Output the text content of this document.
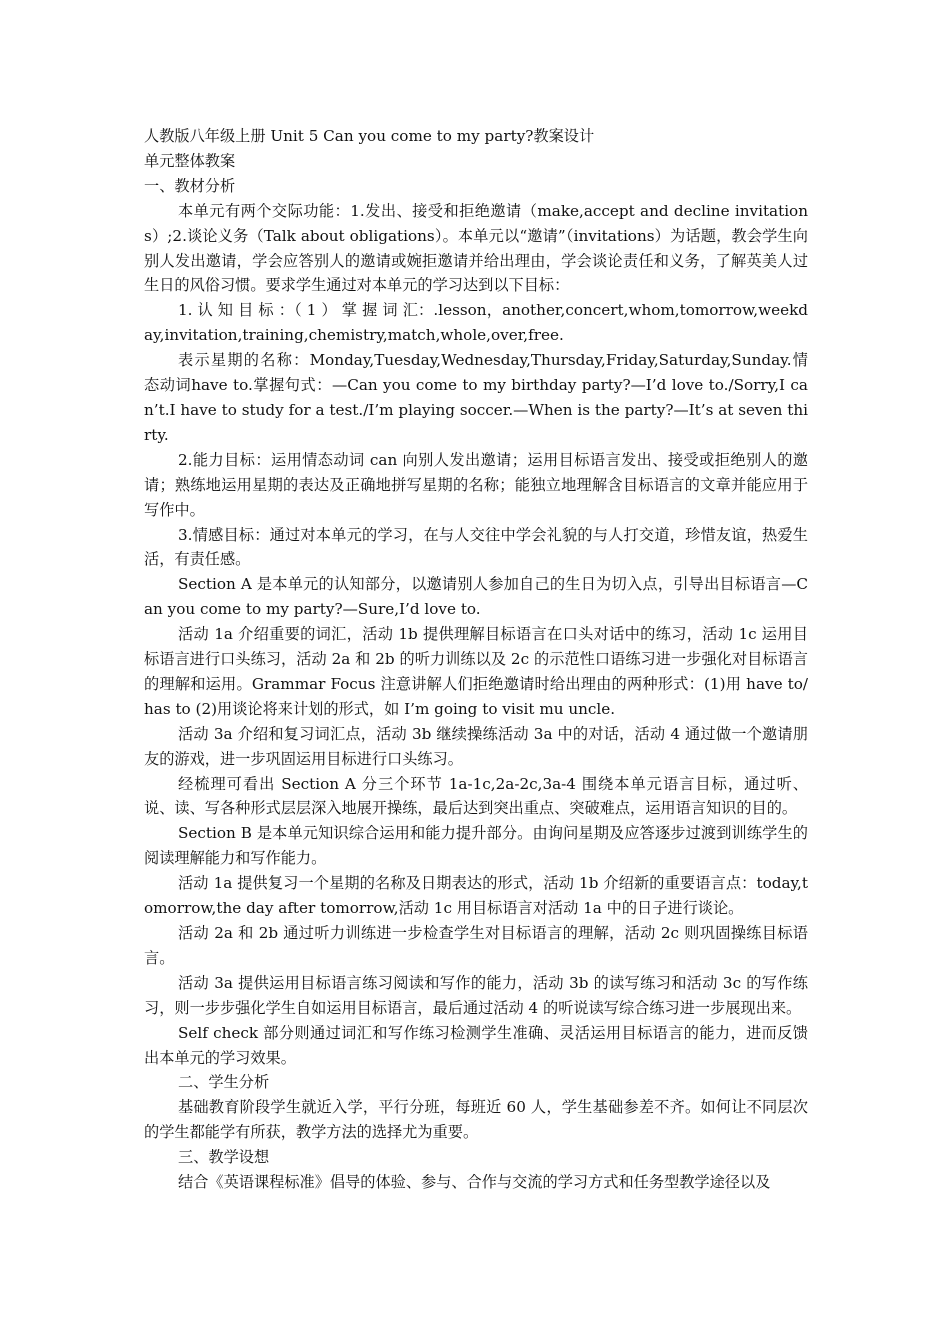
人教版八年级上册 Unit 5 Can you come to my party?教案设计

单元整体教案

一、教材分析

本单元有两个交际功能：1.发出、接受和拒绝邀请（make,accept and decline invitations）;2.谈论义务（Talk about obligations）。本单元以“邀请”（invitations）为话题，教会学生向别人发出邀请，学会应答别人的邀请或婉拒邀请并给出理由，学会谈论责任和义务，了解英美人过生日的风俗习惯。要求学生通过对本单元的学习达到以下目标：

1. 认 知 目 标 ：（ 1 ） 掌 握 词 汇：.lesson，another,concert,whom,tomorrow,weekday,invitation,training,chemistry,match,whole,over,free.

表示星期的名称：Monday,Tuesday,Wednesday,Thursday,Friday,Saturday,Sunday.情态动词have to.掌握句式：—Can you come to my birthday party?—I’d love to./Sorry,I can’t.I have to study for a test./I’m playing soccer.—When is the party?—It’s at seven thirty.

2.能力目标：运用情态动词 can 向别人发出邀请；运用目标语言发出、接受或拒绝别人的邀请；熟练地运用星期的表达及正确地拼写星期的名称；能独立地理解含目标语言的文章并能应用于写作中。

3.情感目标：通过对本单元的学习，在与人交往中学会礼貌的与人打交道，珍惜友谊，热爱生活，有责任感。

Section A 是本单元的认知部分，以邀请别人参加自己的生日为切入点，引导出目标语言—Can you come to my party?—Sure,I’d love to.

活动 1a 介绍重要的词汇，活动 1b 提供理解目标语言在口头对话中的练习，活动 1c 运用目标语言进行口头练习，活动 2a 和 2b 的听力训练以及 2c 的示范性口语练习进一步强化对目标语言的理解和运用。Grammar Focus 注意讲解人们拒绝邀请时给出理由的两种形式：(1)用 have to/has to (2)用谈论将来计划的形式，如 I’m going to visit mu uncle.

活动 3a 介绍和复习词汇点，活动 3b 继续操练活动 3a 中的对话，活动 4 通过做一个邀请朋友的游戏，进一步巩固运用目标进行口头练习。

经梳理可看出 Section A 分三个环节 1a-1c,2a-2c,3a-4 围绕本单元语言目标，通过听、说、读、写各种形式层层深入地展开操练，最后达到突出重点、突破难点，运用语言知识的目的。

Section B 是本单元知识综合运用和能力提升部分。由询问星期及应答逐步过渡到训练学生的阅读理解能力和写作能力。

活动 1a 提供复习一个星期的名称及日期表达的形式，活动 1b 介绍新的重要语言点：today,tomorrow,the day after tomorrow,活动 1c 用目标语言对活动 1a 中的日子进行谈论。

活动 2a 和 2b 通过听力训练进一步检查学生对目标语言的理解，活动 2c 则巩固操练目标语言。

活动 3a 提供运用目标语言练习阅读和写作的能力，活动 3b 的读写练习和活动 3c 的写作练习，则一步步强化学生自如运用目标语言，最后通过活动 4 的听说读写综合练习进一步展现出来。

Self check 部分则通过词汇和写作练习检测学生准确、灵活运用目标语言的能力，进而反馈出本单元的学习效果。

二、学生分析

基础教育阶段学生就近入学，平行分班，每班近 60 人，学生基础参差不齐。如何让不同层次的学生都能学有所获，教学方法的选择尤为重要。

三、教学设想

结合《英语课程标准》倡导的体验、参与、合作与交流的学习方式和任务型教学途径以及
